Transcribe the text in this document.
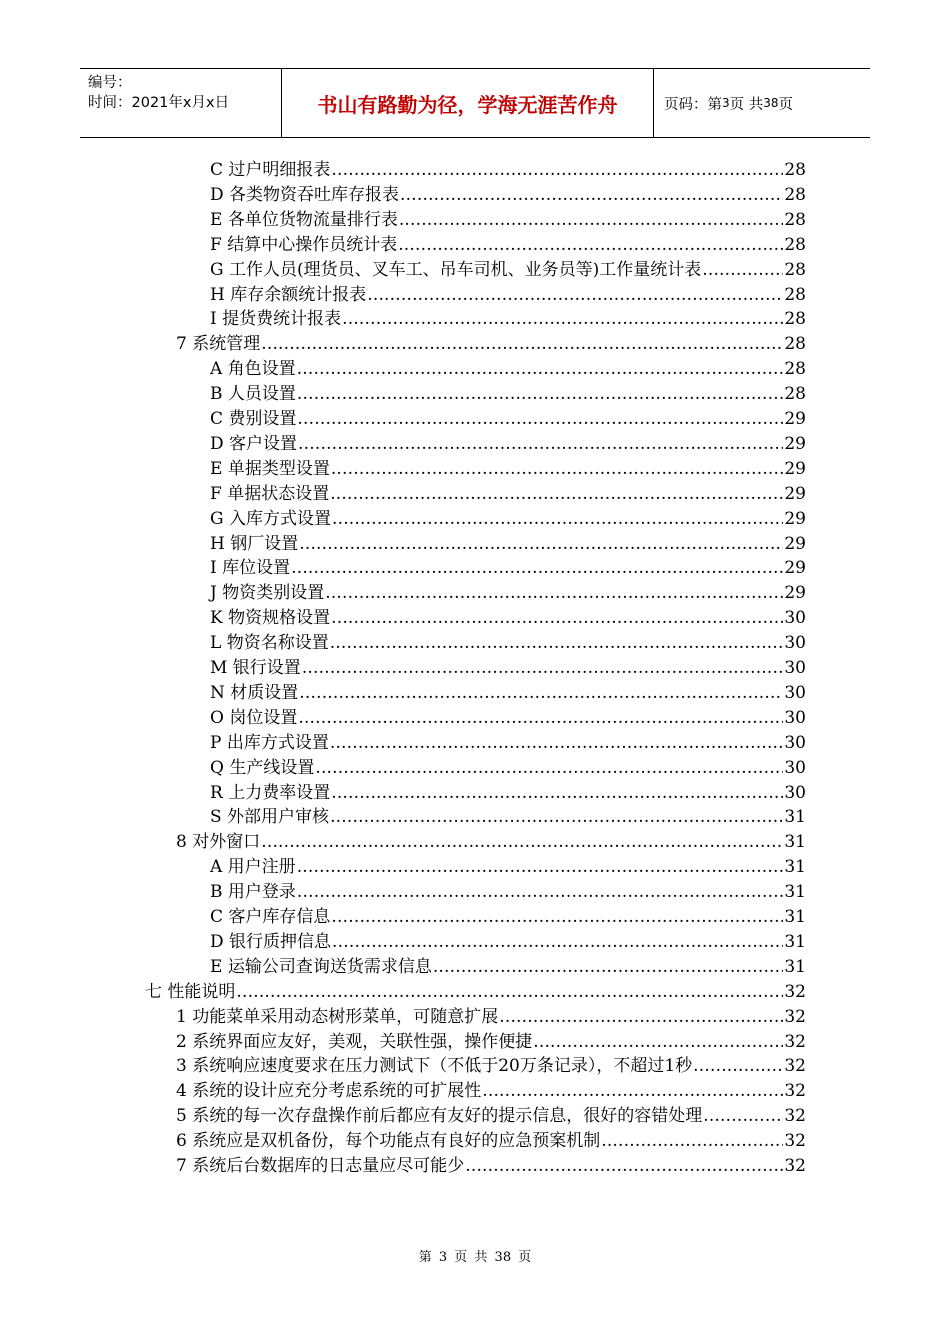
编号：
时间：2021年x月x日	书山有路勤为径，学海无涯苦作舟	页码：第 3 页 共 38 页
C 过户明细报表 .....	28
D 各类物资吞吐库存报表 .....	28
E 各单位货物流量排行表 .....	28
F 结算中心操作员统计表 .....	28
G 工作人员(理货员、叉车工、吊车司机、业务员等)工作量统计表 .....	28
H 库存余额统计报表 .....	28
I 提货费统计报表 .....	28
7 系统管理 .....	28
A 角色设置 .....	28
B 人员设置 .....	28
C 费别设置 .....	29
D 客户设置 .....	29
E 单据类型设置 .....	29
F 单据状态设置 .....	29
G 入库方式设置 .....	29
H 钢厂设置 .....	29
I 库位设置 .....	29
J 物资类别设置 .....	29
K 物资规格设置 .....	30
L 物资名称设置 .....	30
M 银行设置 .....	30
N 材质设置 .....	30
O 岗位设置 .....	30
P 出库方式设置 .....	30
Q 生产线设置 .....	30
R 上力费率设置 .....	30
S 外部用户审核 .....	31
8 对外窗口 .....	31
A 用户注册 .....	31
B 用户登录 .....	31
C 客户库存信息 .....	31
D 银行质押信息 .....	31
E 运输公司查询送货需求信息 .....	31
七 性能说明 .....	32
1 功能菜单采用动态树形菜单，可随意扩展 .....	32
2 系统界面应友好，美观，关联性强，操作便捷 .....	32
3 系统响应速度要求在压力测试下（不低于20万条记录），不超过1秒 .....	32
4 系统的设计应充分考虑系统的可扩展性 .....	32
5 系统的每一次存盘操作前后都应有友好的提示信息，很好的容错处理 .....	32
6 系统应是双机备份，每个功能点有良好的应急预案机制 .....	32
7 系统后台数据库的日志量应尽可能少 .....	32
第 3 页 共 38 页
